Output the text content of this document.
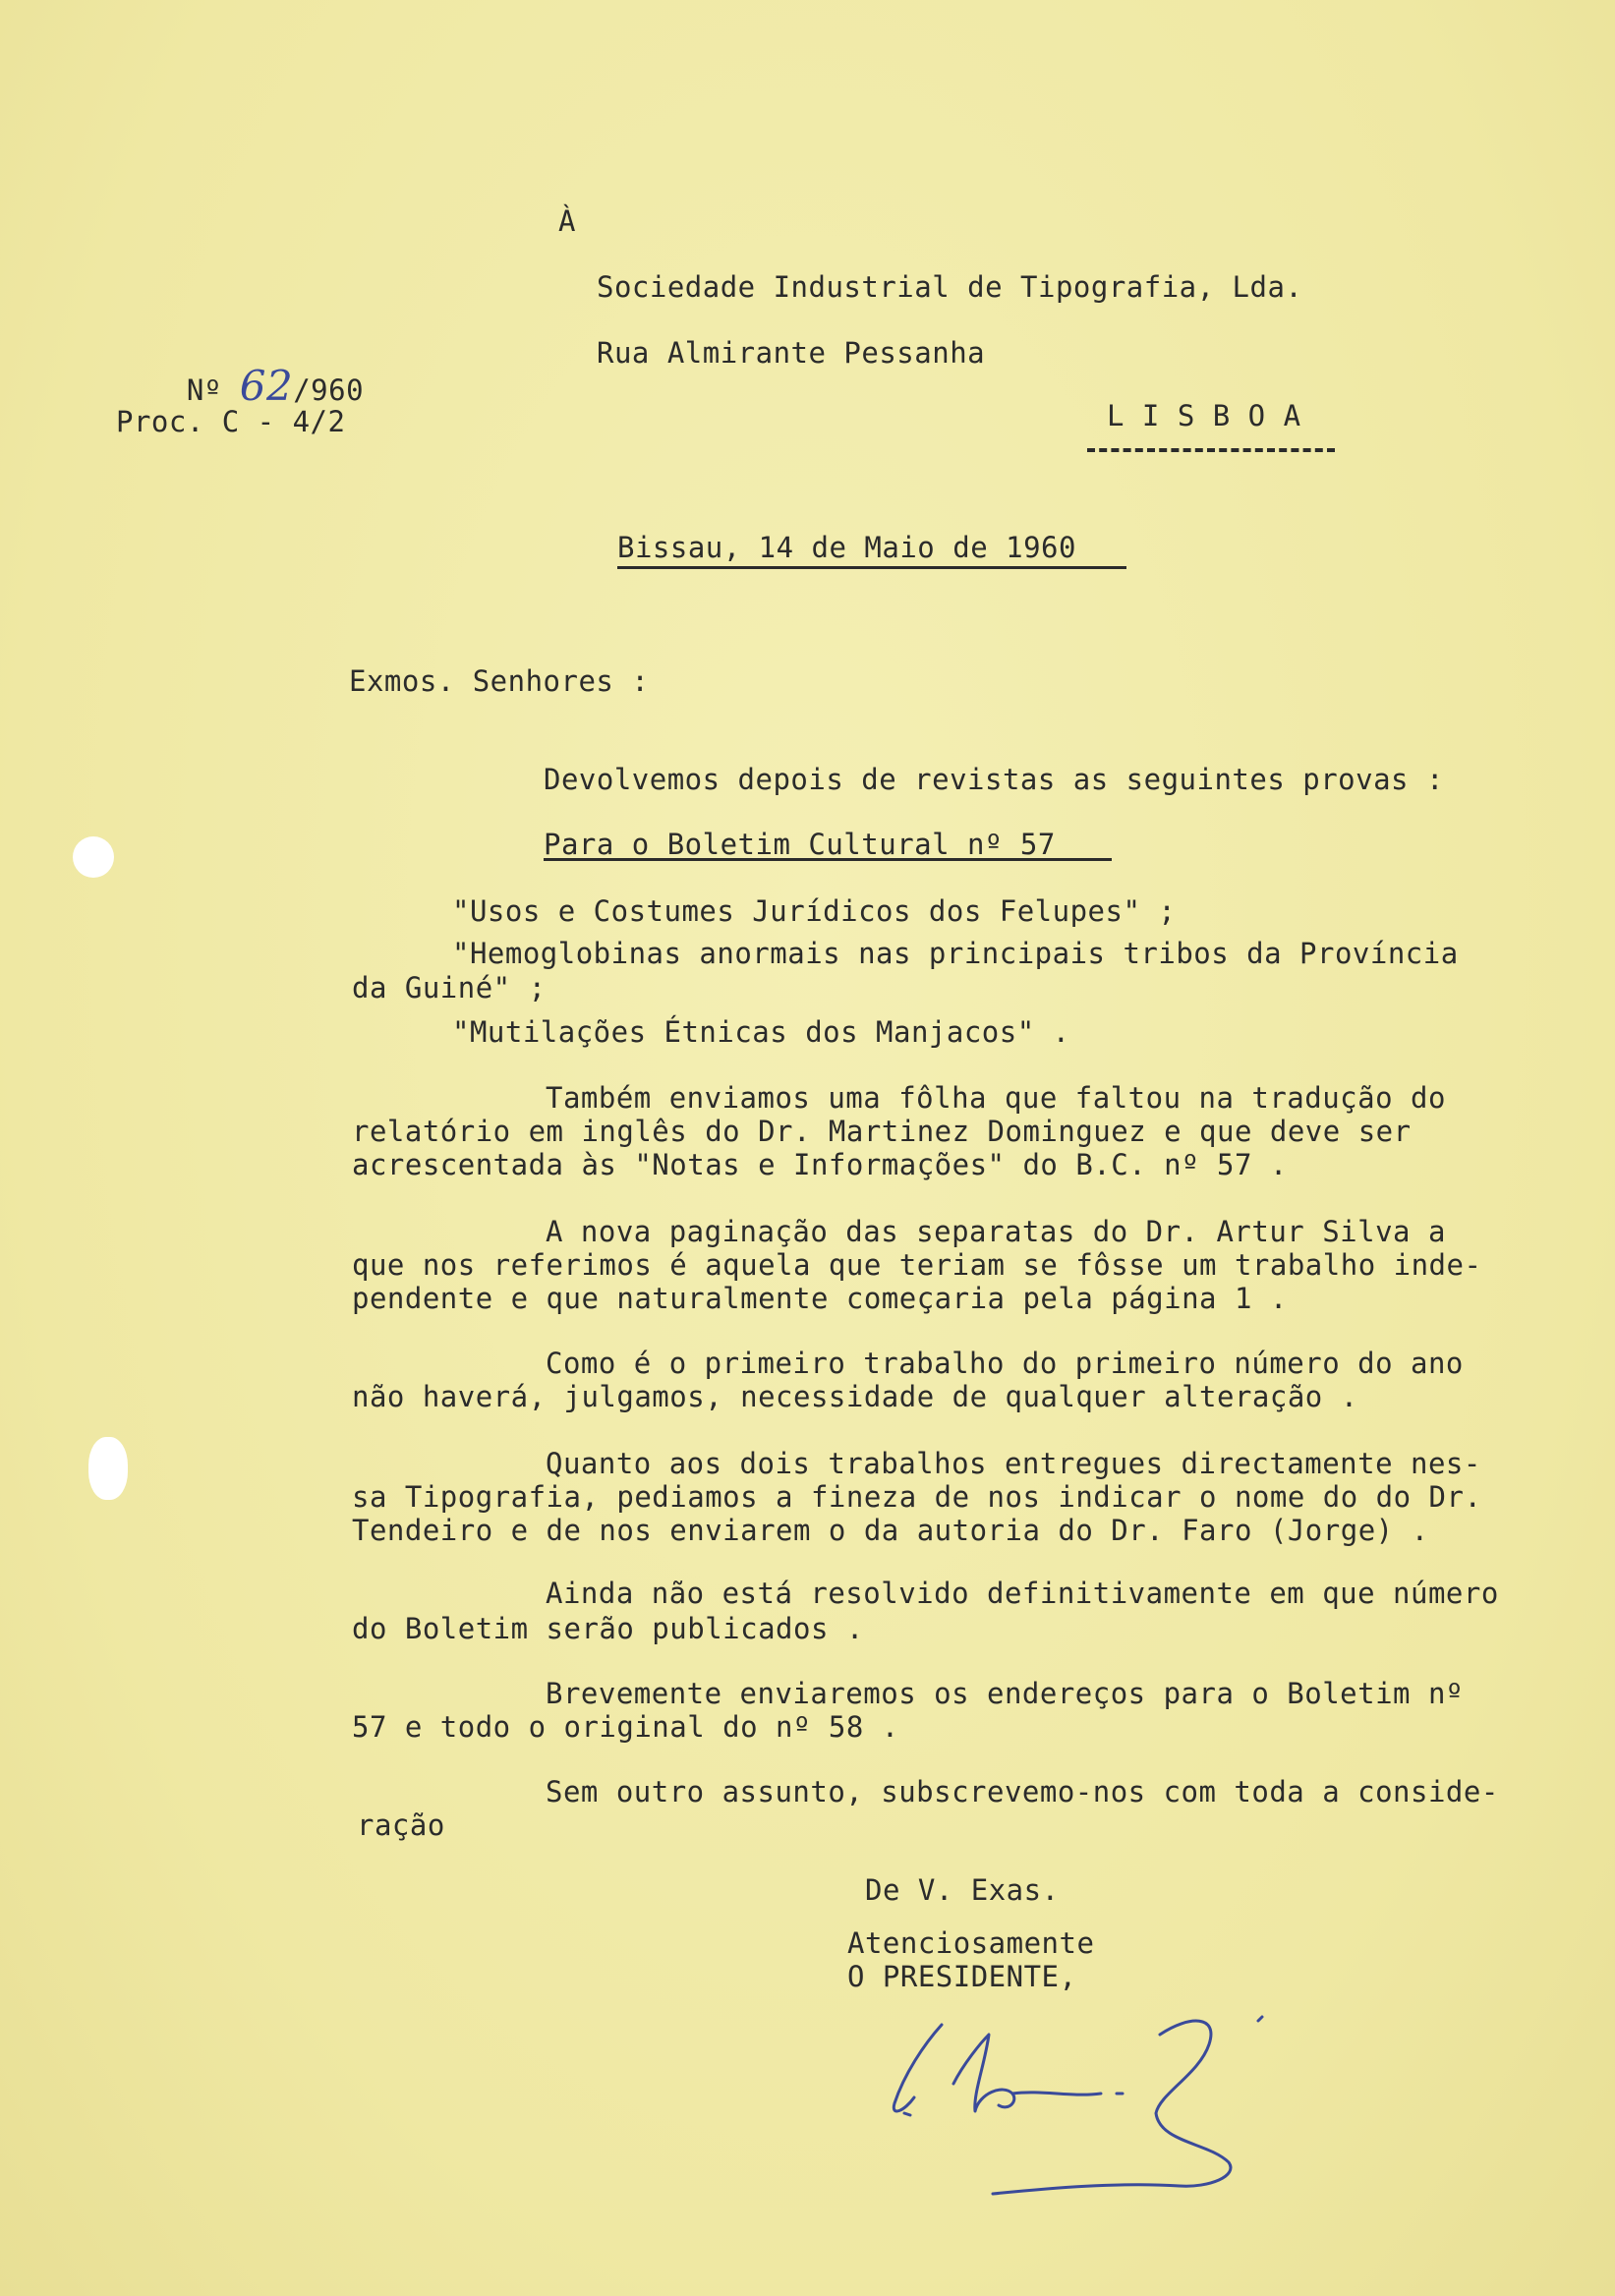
À
Sociedade Industrial de Tipografia, Lda.
Rua Almirante Pessanha
L I S B O A

Nº 62/960

Proc. C - 4/2
Bissau, 14 de Maio de 1960
Exmos. Senhores :
Devolvemos depois de revistas as seguintes provas :
Para o Boletim Cultural nº 57
"Usos e Costumes Jurídicos dos Felupes" ;
"Hemoglobinas anormais nas principais tribos da Província
da Guiné" ;
"Mutilações Étnicas dos Manjacos" .
Também enviamos uma fôlha que faltou na tradução do
relatório em inglês do Dr. Martinez Dominguez e que deve ser
acrescentada às "Notas e Informações" do B.C. nº 57 .
A nova paginação das separatas do Dr. Artur Silva a
que nos referimos é aquela que teriam se fôsse um trabalho inde-
pendente e que naturalmente começaria pela página 1 .
Como é o primeiro trabalho do primeiro número do ano
não haverá, julgamos, necessidade de qualquer alteração .
Quanto aos dois trabalhos entregues directamente nes-
sa Tipografia, pediamos a fineza de nos indicar o nome do do Dr.
Tendeiro e de nos enviarem o da autoria do Dr. Faro (Jorge) .
Ainda não está resolvido definitivamente em que número
do Boletim serão publicados .
Brevemente enviaremos os endereços para o Boletim nº
57 e todo o original do nº 58 .
Sem outro assunto, subscrevemo-nos com toda a conside-
ração
De V. Exas.
Atenciosamente
O PRESIDENTE,
